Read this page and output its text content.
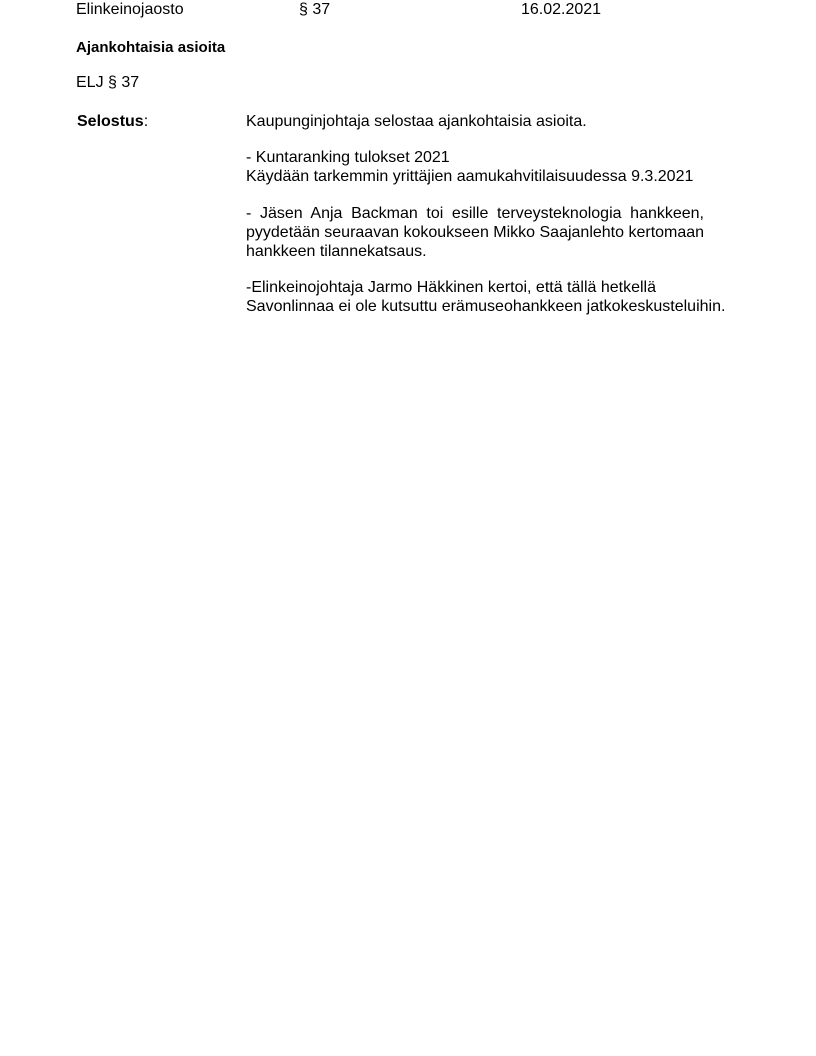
Elinkeinojaosto	§ 37	16.02.2021
Ajankohtaisia asioita
ELJ § 37
Selostus:	Kaupunginjohtaja selostaa ajankohtaisia asioita.
- Kuntaranking tulokset 2021
Käydään tarkemmin yrittäjien aamukahvitilaisuudessa 9.3.2021
- Jäsen Anja Backman toi esille terveysteknologia hankkeen,
pyydetään seuraavan kokoukseen Mikko Saajanlehto kertomaan
hankkeen tilannekatsaus.
-Elinkeinojohtaja Jarmo Häkkinen kertoi, että tällä hetkellä
Savonlinnaa ei ole kutsuttu erämuseohankkeen jatkokeskusteluihin.
